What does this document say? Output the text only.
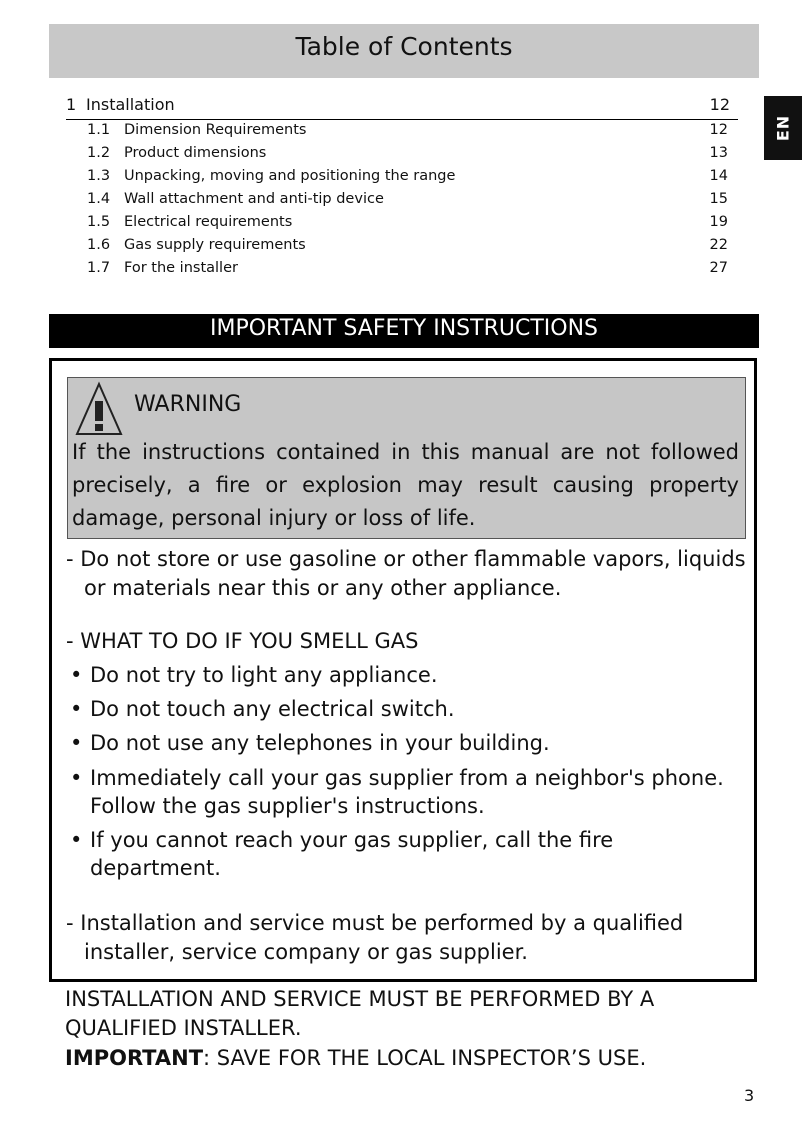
Table of Contents
1 Installation	12
1.1 Dimension Requirements	12
1.2 Product dimensions	13
1.3 Unpacking, moving and positioning the range	14
1.4 Wall attachment and anti-tip device	15
1.5 Electrical requirements	19
1.6 Gas supply requirements	22
1.7 For the installer	27
EN
IMPORTANT SAFETY INSTRUCTIONS
WARNING
If the instructions contained in this manual are not followed precisely, a fire or explosion may result causing property damage, personal injury or loss of life.
- Do not store or use gasoline or other flammable vapors, liquids
or materials near this or any other appliance.
- WHAT TO DO IF YOU SMELL GAS
• Do not try to light any appliance.
• Do not touch any electrical switch.
• Do not use any telephones in your building.
• Immediately call your gas supplier from a neighbor's phone. Follow the gas supplier's instructions.
• If you cannot reach your gas supplier, call the fire department.
- Installation and service must be performed by a qualified
installer, service company or gas supplier.
INSTALLATION AND SERVICE MUST BE PERFORMED BY A
QUALIFIED INSTALLER.
IMPORTANT: SAVE FOR THE LOCAL INSPECTOR’S USE.
3
